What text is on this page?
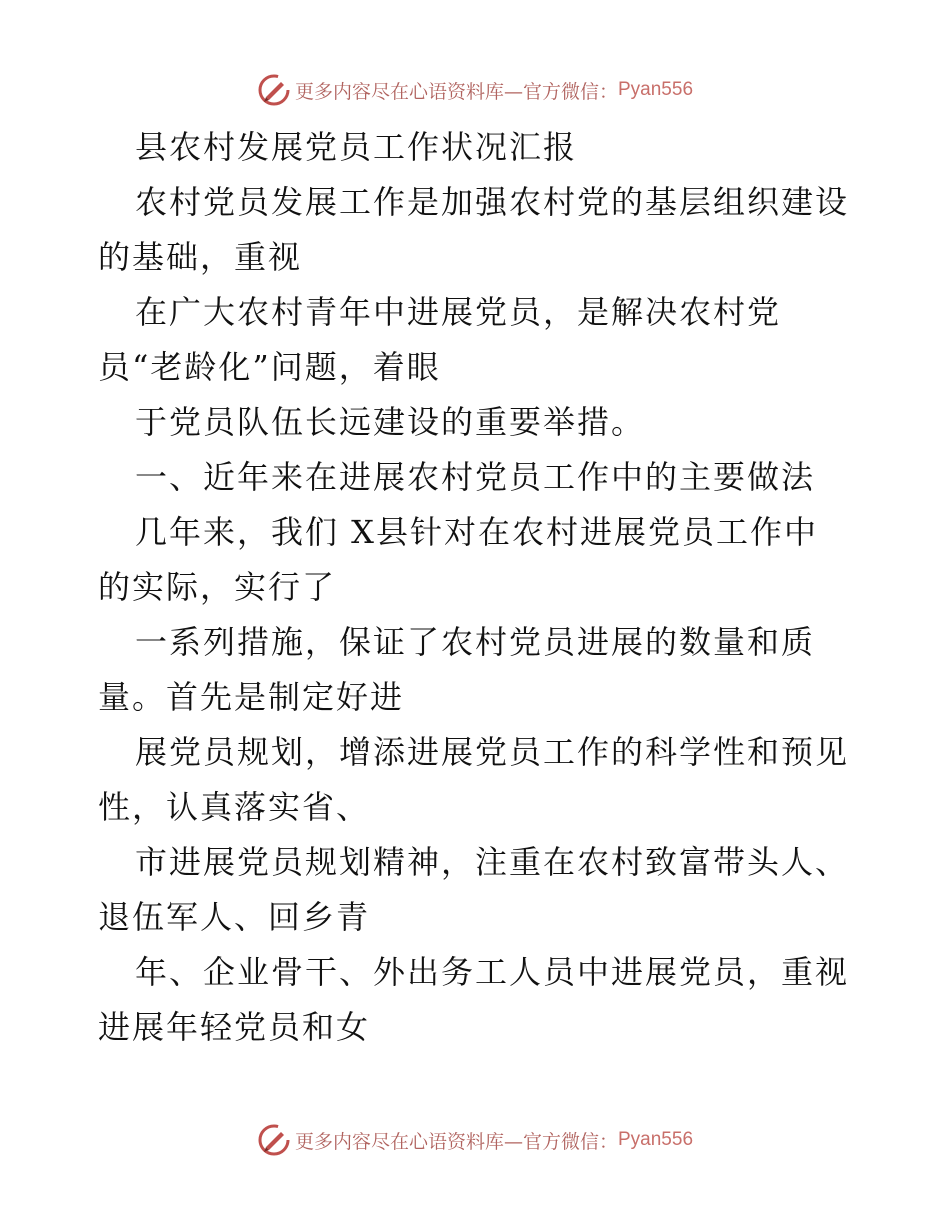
更多内容尽在心语资料库—官方微信： Pyan556
县农村发展党员工作状况汇报
农村党员发展工作是加强农村党的基层组织建设
的基础，重视
在广大农村青年中进展党员，是解决农村党
员“老龄化”问题，着眼
于党员队伍长远建设的重要举措。
一、近年来在进展农村党员工作中的主要做法
几年来，我们 X县针对在农村进展党员工作中
的实际，实行了
一系列措施，保证了农村党员进展的数量和质
量。首先是制定好进
展党员规划，增添进展党员工作的科学性和预见
性，认真落实省、
市进展党员规划精神，注重在农村致富带头人、
退伍军人、回乡青
年、企业骨干、外出务工人员中进展党员，重视
进展年轻党员和女
更多内容尽在心语资料库—官方微信： Pyan556
